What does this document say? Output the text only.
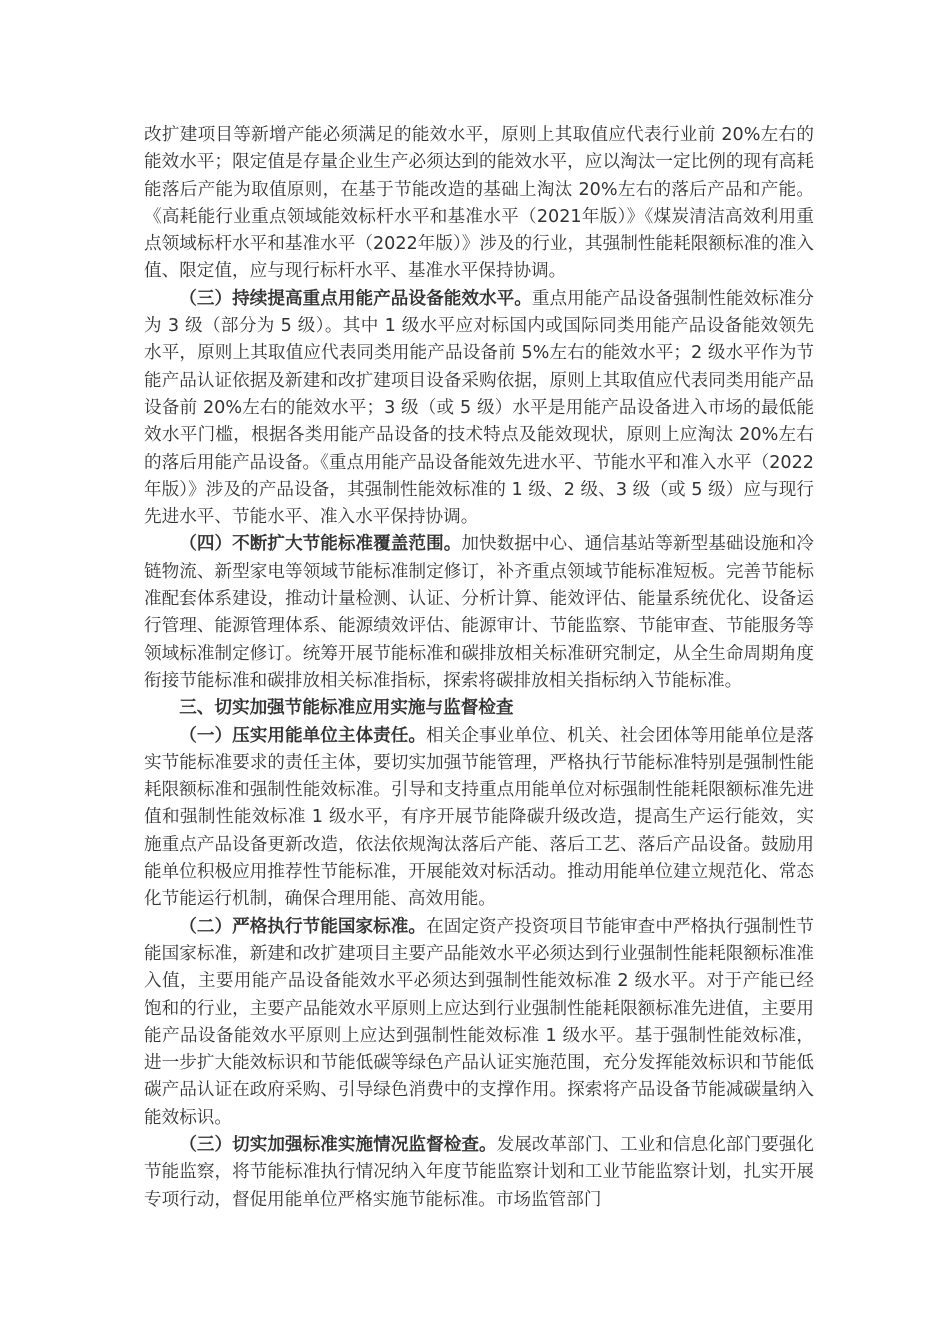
改扩建项目等新增产能必须满足的能效水平，原则上其取值应代表行业前 20%左右的能效水平；限定值是存量企业生产必须达到的能效水平，应以淘汰一定比例的现有高耗能落后产能为取值原则，在基于节能改造的基础上淘汰 20%左右的落后产品和产能。《高耗能行业重点领域能效标杆水平和基准水平（2021年版）》《煤炭清洁高效利用重点领域标杆水平和基准水平（2022年版）》涉及的行业，其强制性能耗限额标准的准入值、限定值，应与现行标杆水平、基准水平保持协调。

（三）持续提高重点用能产品设备能效水平。重点用能产品设备强制性能效标准分为 3 级（部分为 5 级）。其中 1 级水平应对标国内或国际同类用能产品设备能效领先水平，原则上其取值应代表同类用能产品设备前 5%左右的能效水平；2 级水平作为节能产品认证依据及新建和改扩建项目设备采购依据，原则上其取值应代表同类用能产品设备前 20%左右的能效水平；3 级（或 5 级）水平是用能产品设备进入市场的最低能效水平门槛，根据各类用能产品设备的技术特点及能效现状，原则上应淘汰 20%左右的落后用能产品设备。《重点用能产品设备能效先进水平、节能水平和准入水平（2022年版）》涉及的产品设备，其强制性能效标准的 1 级、2 级、3 级（或 5 级）应与现行先进水平、节能水平、准入水平保持协调。

（四）不断扩大节能标准覆盖范围。加快数据中心、通信基站等新型基础设施和冷链物流、新型家电等领域节能标准制定修订，补齐重点领域节能标准短板。完善节能标准配套体系建设，推动计量检测、认证、分析计算、能效评估、能量系统优化、设备运行管理、能源管理体系、能源绩效评估、能源审计、节能监察、节能审查、节能服务等领域标准制定修订。统筹开展节能标准和碳排放相关标准研究制定，从全生命周期角度衔接节能标准和碳排放相关标准指标，探索将碳排放相关指标纳入节能标准。

三、切实加强节能标准应用实施与监督检查

（一）压实用能单位主体责任。相关企事业单位、机关、社会团体等用能单位是落实节能标准要求的责任主体，要切实加强节能管理，严格执行节能标准特别是强制性能耗限额标准和强制性能效标准。引导和支持重点用能单位对标强制性能耗限额标准先进值和强制性能效标准 1 级水平，有序开展节能降碳升级改造，提高生产运行能效，实施重点产品设备更新改造，依法依规淘汰落后产能、落后工艺、落后产品设备。鼓励用能单位积极应用推荐性节能标准，开展能效对标活动。推动用能单位建立规范化、常态化节能运行机制，确保合理用能、高效用能。

（二）严格执行节能国家标准。在固定资产投资项目节能审查中严格执行强制性节能国家标准，新建和改扩建项目主要产品能效水平必须达到行业强制性能耗限额标准准入值，主要用能产品设备能效水平必须达到强制性能效标准 2 级水平。对于产能已经饱和的行业，主要产品能效水平原则上应达到行业强制性能耗限额标准先进值，主要用能产品设备能效水平原则上应达到强制性能效标准 1 级水平。基于强制性能效标准，进一步扩大能效标识和节能低碳等绿色产品认证实施范围，充分发挥能效标识和节能低碳产品认证在政府采购、引导绿色消费中的支撑作用。探索将产品设备节能减碳量纳入能效标识。

（三）切实加强标准实施情况监督检查。发展改革部门、工业和信息化部门要强化节能监察，将节能标准执行情况纳入年度节能监察计划和工业节能监察计划，扎实开展专项行动，督促用能单位严格实施节能标准。市场监管部门
